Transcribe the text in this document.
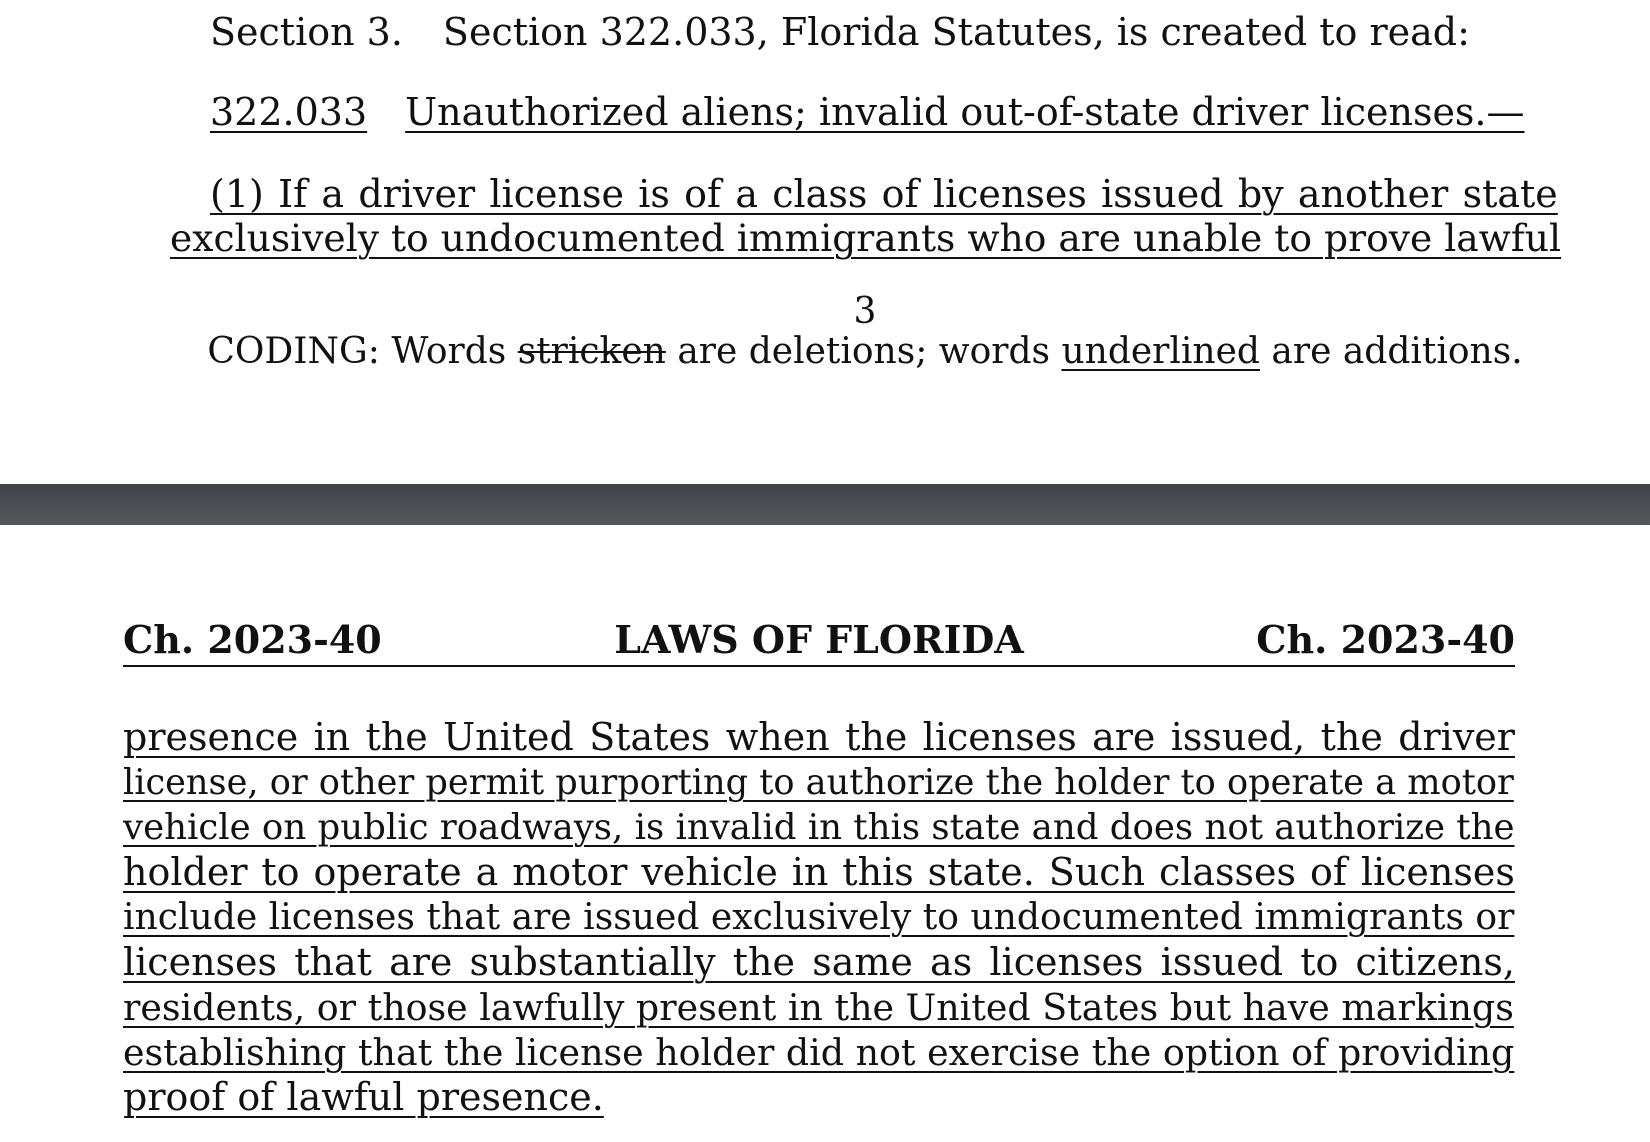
Section 3. Section 322.033, Florida Statutes, is created to read:
322.033 Unauthorized aliens; invalid out-of-state driver licenses.—
(1) If a driver license is of a class of licenses issued by another state
exclusively to undocumented immigrants who are unable to prove lawful
3
CODING: Words stricken are deletions; words underlined are additions.
LAWS OF FLORIDA
Ch. 2023-40	Ch. 2023-40
presence in the United States when the licenses are issued, the driver
license, or other permit purporting to authorize the holder to operate a motor
vehicle on public roadways, is invalid in this state and does not authorize the
holder to operate a motor vehicle in this state. Such classes of licenses
include licenses that are issued exclusively to undocumented immigrants or
licenses that are substantially the same as licenses issued to citizens,
residents, or those lawfully present in the United States but have markings
establishing that the license holder did not exercise the option of providing
proof of lawful presence.
